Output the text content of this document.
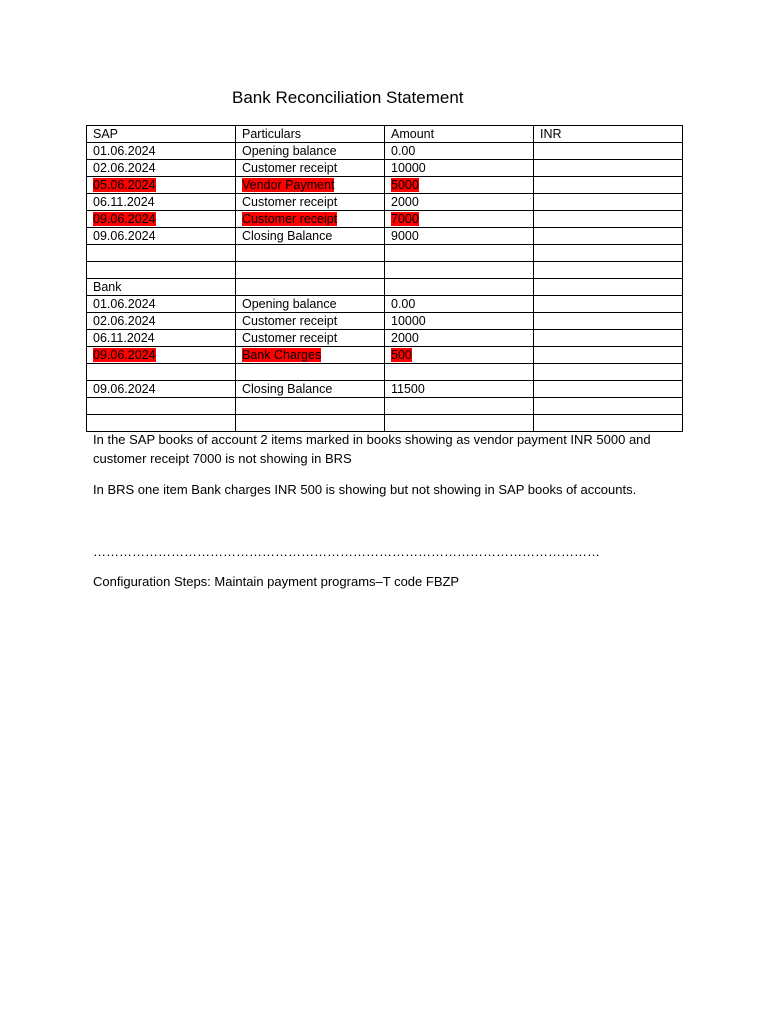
Bank Reconciliation Statement
SAP	Particulars	Amount	INR
01.06.2024	Opening balance	0.00	
02.06.2024	Customer receipt	10000	
05.06.2024	Vendor Payment	5000	
06.11.2024	Customer receipt	2000	
09.06.2024	Customer receipt	7000	
09.06.2024	Closing Balance	9000	

Bank			
01.06.2024	Opening balance	0.00	
02.06.2024	Customer receipt	10000	
06.11.2024	Customer receipt	2000	
09.06.2024	Bank Charges	500	

09.06.2024	Closing Balance	11500	

In the SAP books of account 2 items marked in books showing as vendor payment INR 5000 and customer receipt 7000 is not showing in BRS
In BRS one item Bank charges INR 500 is showing but not showing in SAP books of accounts.
………………………………………………………………………………………………………
Configuration Steps: Maintain payment programs–T code FBZP
